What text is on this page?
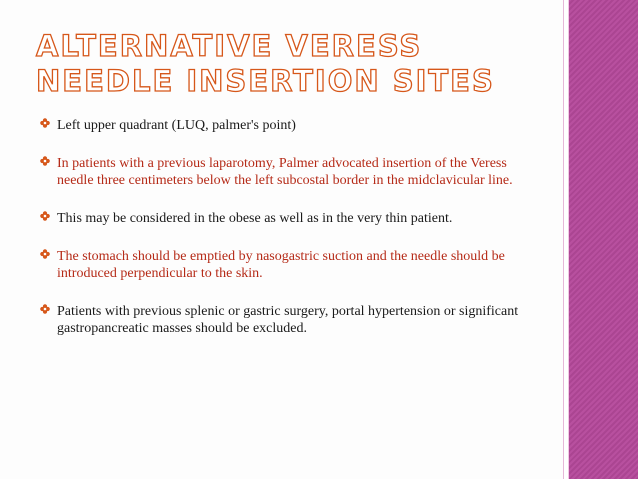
ALTERNATIVE VERESS NEEDLE INSERTION SITES
Left upper quadrant (LUQ, palmer's point)
In patients with a previous laparotomy, Palmer advocated insertion of the Veress needle three centimeters below the left subcostal border in the midclavicular line.
This may be considered in the obese as well as in the very thin patient.
The stomach should be emptied by nasogastric suction and the needle should be introduced perpendicular to the skin.
Patients with previous splenic or gastric surgery, portal hypertension or significant gastropancreatic masses should be excluded.
